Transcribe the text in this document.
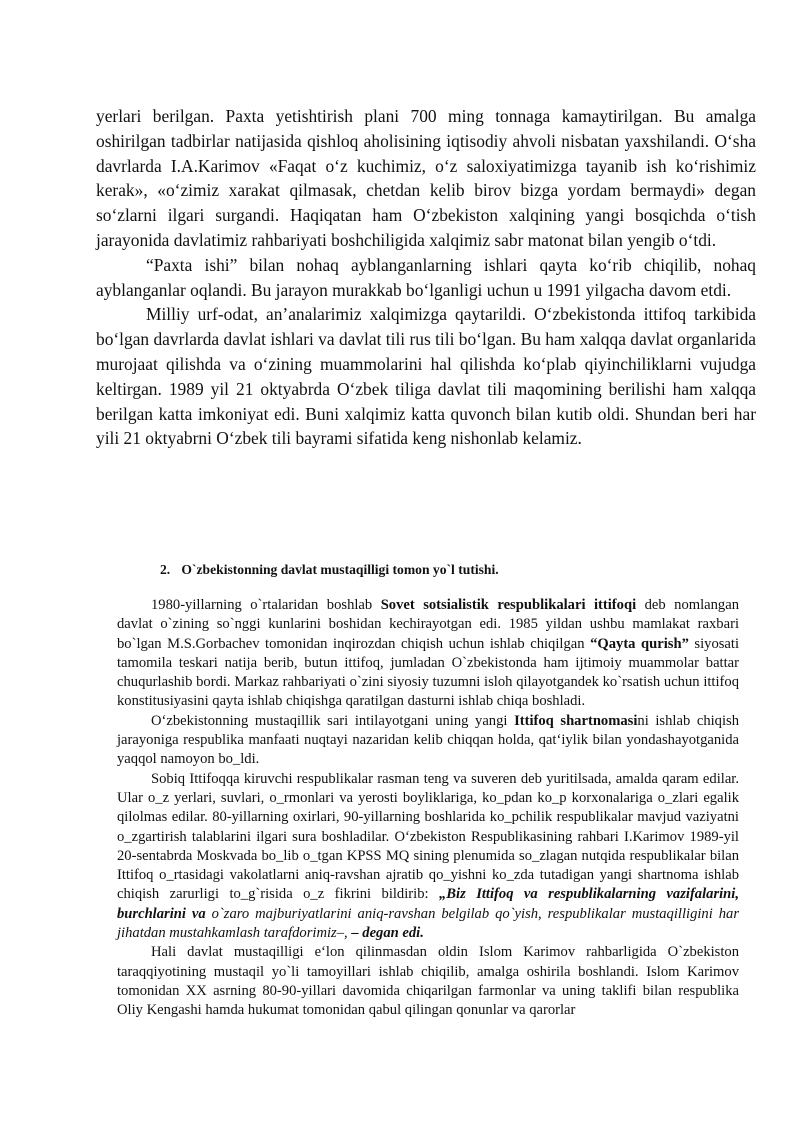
yerlari berilgan. Paxta yetishtirish plani 700 ming tonnaga kamaytirilgan. Bu amalga oshirilgan tadbirlar natijasida qishloq aholisining iqtisodiy ahvoli nisbatan yaxshilandi. O‘sha davrlarda I.A.Karimov «Faqat o‘z kuchimiz, o‘z saloxiyatimizga tayanib ish ko‘rishimiz kerak», «o‘zimiz xarakat qilmasak, chetdan kelib birov bizga yordam bermaydi» degan so‘zlarni ilgari surgandi. Haqiqatan ham O‘zbekiston xalqining yangi bosqichda o‘tish jarayonida davlatimiz rahbariyati boshchiligida xalqimiz sabr matonat bilan yengib o‘tdi.

“Paxta ishi” bilan nohaq ayblanganlarning ishlari qayta ko‘rib chiqilib, nohaq ayblanganlar oqlandi. Bu jarayon murakkab bo‘lganligi uchun u 1991 yilgacha davom etdi.

Milliy urf-odat, an’analarimiz xalqimizga qaytarildi. O‘zbekistonda ittifoq tarkibida bo‘lgan davrlarda davlat ishlari va davlat tili rus tili bo‘lgan. Bu ham xalqqa davlat organlarida murojaat qilishda va o‘zining muammolarini hal qilishda ko‘plab qiyinchiliklarni vujudga keltirgan. 1989 yil 21 oktyabrda O‘zbek tiliga davlat tili maqomining berilishi ham xalqqa berilgan katta imkoniyat edi. Buni xalqimiz katta quvonch bilan kutib oldi. Shundan beri har yili 21 oktyabrni O‘zbek tili bayrami sifatida keng nishonlab kelamiz.

2. O`zbekistonning davlat mustaqilligi tomon yo`l tutishi.

1980-yillarning o`rtalaridan boshlab Sovet sotsialistik respublikalari ittifoqi deb nomlangan davlat o`zining so`nggi kunlarini boshidan kechirayotgan edi. 1985 yildan ushbu mamlakat raxbari bo`lgan M.S.Gorbachev tomonidan inqirozdan chiqish uchun ishlab chiqilgan “Qayta qurish” siyosati tamomila teskari natija berib, butun ittifoq, jumladan O`zbekistonda ham ijtimoiy muammolar battar chuqurlashib bordi. Markaz rahbariyati o`zini siyosiy tuzumni isloh qilayotgandek ko`rsatish uchun ittifoq konstitusiyasini qayta ishlab chiqishga qaratilgan dasturni ishlab chiqa boshladi.

O‘zbekistonning mustaqillik sari intilayotgani uning yangi Ittifoq shartnomasini ishlab chiqish jarayoniga respublika manfaati nuqtayi nazaridan kelib chiqqan holda, qat‘iylik bilan yondashayotganida yaqqol namoyon bo_ldi.

Sobiq Ittifoqqa kiruvchi respublikalar rasman teng va suveren deb yuritilsada, amalda qaram edilar. Ular o_z yerlari, suvlari, o_rmonlari va yerosti boyliklariga, ko_pdan ko_p korxonalariga o_zlari egalik qilolmas edilar. 80-yillarning oxirlari, 90-yillarning boshlarida ko_pchilik respublikalar mavjud vaziyatni o_zgartirish talablarini ilgari sura boshladilar. O‘zbekiston Respublikasining rahbari I.Karimov 1989-yil 20-sentabrda Moskvada bo_lib o_tgan KPSS MQ sining plenumida so_zlagan nutqida respublikalar bilan Ittifoq o_rtasidagi vakolatlarni aniq-ravshan ajratib qo_yishni ko_zda tutadigan yangi shartnoma ishlab chiqish zarurligi to_g`risida o_z fikrini bildirib: „Biz Ittifoq va respublikalarning vazifalarini, burchlarini va o`zaro majburiyatlarini aniq-ravshan belgilab qo`yish, respublikalar mustaqilligini har jihatdan mustahkamlash tarafdorimiz–, – degan edi.

Hali davlat mustaqilligi e‘lon qilinmasdan oldin Islom Karimov rahbarligida O`zbekiston taraqqiyotining mustaqil yo`li tamoyillari ishlab chiqilib, amalga oshirila boshlandi. Islom Karimov tomonidan XX asrning 80-90-yillari davomida chiqarilgan farmonlar va uning taklifi bilan respublika Oliy Kengashi hamda hukumat tomonidan qabul qilingan qonunlar va qarorlar
